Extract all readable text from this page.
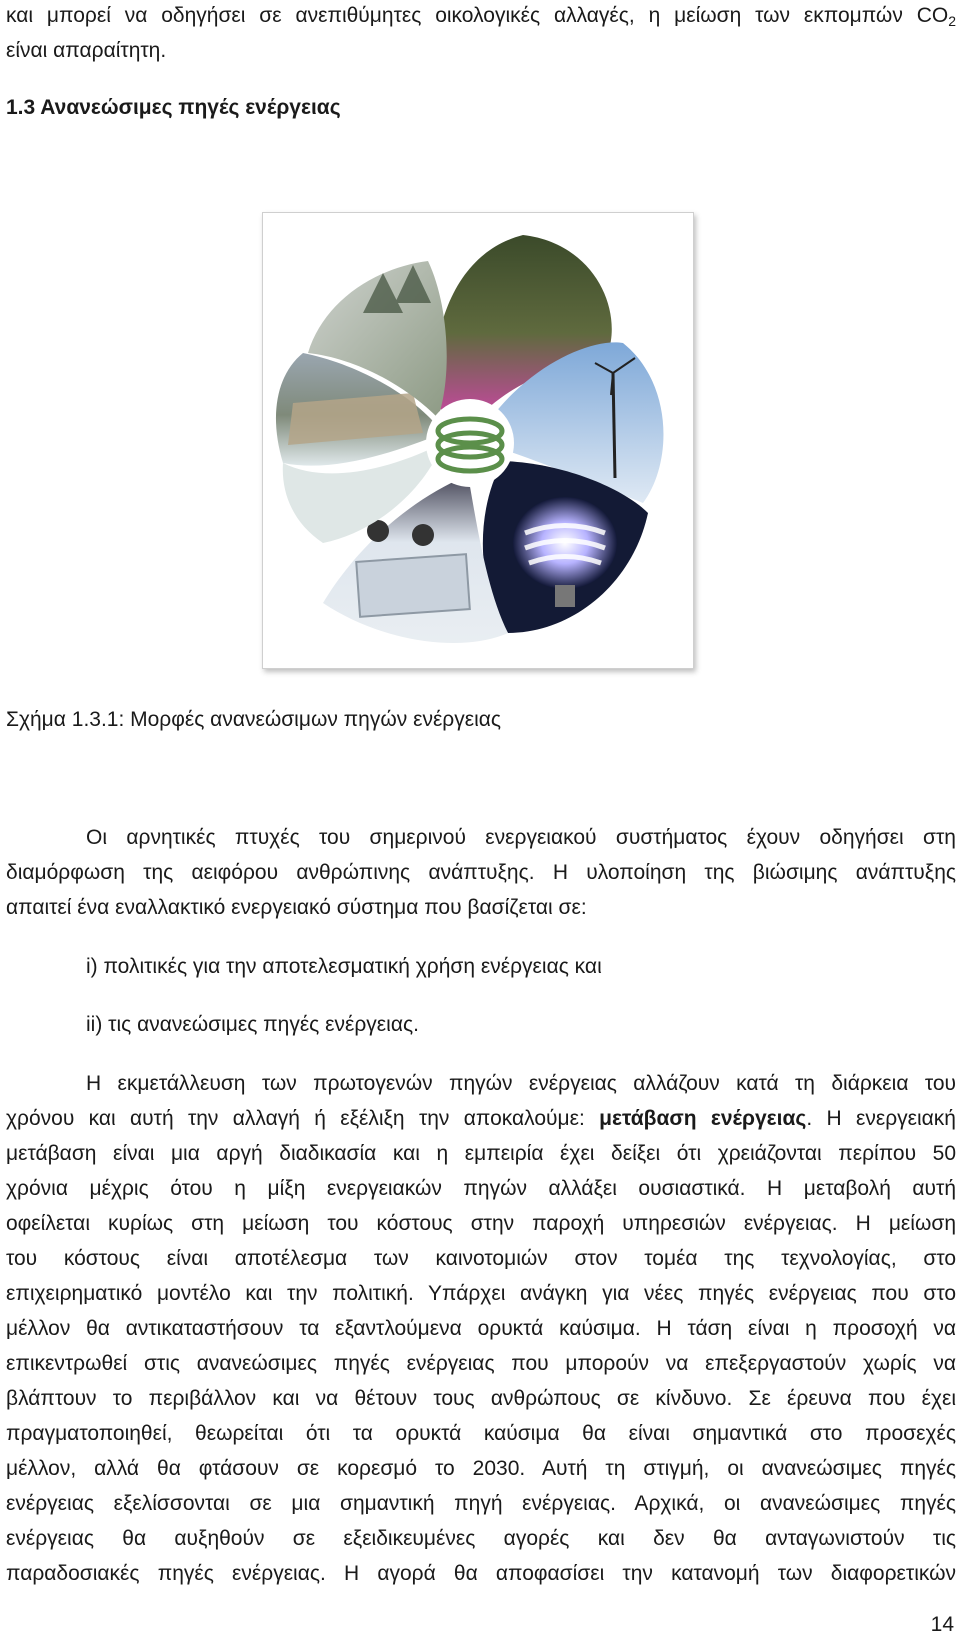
και μπορεί να οδηγήσει σε ανεπιθύμητες οικολογικές αλλαγές, η μείωση των εκπομπών $CO_2$
είναι απαραίτητη.
1.3 Ανανεώσιμες πηγές ενέργειας
Σχήμα 1.3.1: Μορφές ανανεώσιμων πηγών ενέργειας
Οι αρνητικές πτυχές του σημερινού ενεργειακού συστήματος έχουν οδηγήσει στη
διαμόρφωση της αειφόρου ανθρώπινης ανάπτυξης. Η υλοποίηση της βιώσιμης ανάπτυξης
απαιτεί ένα εναλλακτικό ενεργειακό σύστημα που βασίζεται σε:
i) πολιτικές για την αποτελεσματική χρήση ενέργειας και
ii) τις ανανεώσιμες πηγές ενέργειας.
Η εκμετάλλευση των πρωτογενών πηγών ενέργειας αλλάζουν κατά τη διάρκεια του
χρόνου και αυτή την αλλαγή ή εξέλιξη την αποκαλούμε: μετάβαση ενέργειας. Η ενεργειακή
μετάβαση είναι μια αργή διαδικασία και η εμπειρία έχει δείξει ότι χρειάζονται περίπου 50
χρόνια μέχρις ότου η μίξη ενεργειακών πηγών αλλάξει ουσιαστικά. Η μεταβολή αυτή
οφείλεται κυρίως στη μείωση του κόστους στην παροχή υπηρεσιών ενέργειας. Η μείωση
του κόστους είναι αποτέλεσμα των καινοτομιών στον τομέα της τεχνολογίας, στο
επιχειρηματικό μοντέλο και την πολιτική. Υπάρχει ανάγκη για νέες πηγές ενέργειας που στο
μέλλον θα αντικαταστήσουν τα εξαντλούμενα ορυκτά καύσιμα. Η τάση είναι η προσοχή να
επικεντρωθεί στις ανανεώσιμες πηγές ενέργειας που μπορούν να επεξεργαστούν χωρίς να
βλάπτουν το περιβάλλον και να θέτουν τους ανθρώπους σε κίνδυνο. Σε έρευνα που έχει
πραγματοποιηθεί, θεωρείται ότι τα ορυκτά καύσιμα θα είναι σημαντικά στο προσεχές
μέλλον, αλλά θα φτάσουν σε κορεσμό το 2030. Αυτή τη στιγμή, οι ανανεώσιμες πηγές
ενέργειας εξελίσσονται σε μια σημαντική πηγή ενέργειας. Αρχικά, οι ανανεώσιμες πηγές
ενέργειας θα αυξηθούν σε εξειδικευμένες αγορές και δεν θα ανταγωνιστούν τις
παραδοσιακές πηγές ενέργειας. Η αγορά θα αποφασίσει την κατανομή των διαφορετικών
14
